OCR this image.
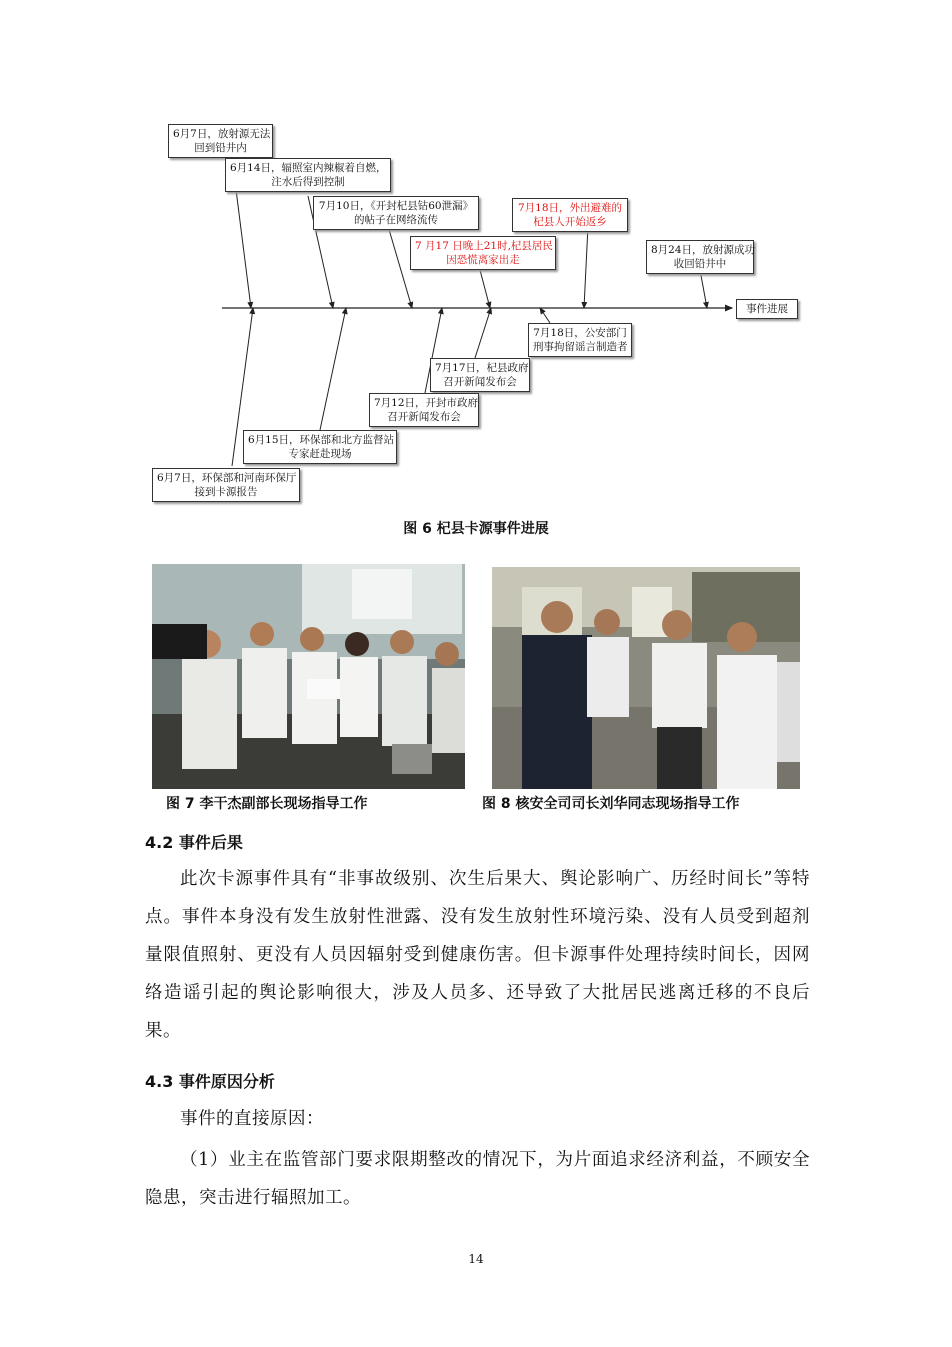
6月7日，放射源无法
回到铅井内
6月14日，辐照室内辣椒着自燃，
注水后得到控制
7月10日，《开封杞县钴60泄漏》
的帖子在网络流传
7 月17 日晚上21时,杞县居民
因恐慌离家出走
7月18日，外出避难的
杞县人开始返乡
8月24日，放射源成功
收回铅井中
事件进展
7月18日，公安部门
刑事拘留谣言制造者
7月17日，杞县政府
召开新闻发布会
7月12日，开封市政府
召开新闻发布会
6月15日，环保部和北方监督站
专家赶赴现场
6月7日，环保部和河南环保厅
接到卡源报告
图 6 杞县卡源事件进展
图 7 李干杰副部长现场指导工作	图 8 核安全司司长刘华同志现场指导工作
4.2 事件后果
此次卡源事件具有“非事故级别、次生后果大、舆论影响广、历经时间长”等特点。事件本身没有发生放射性泄露、没有发生放射性环境污染、没有人员受到超剂量限值照射、更没有人员因辐射受到健康伤害。但卡源事件处理持续时间长，因网络造谣引起的舆论影响很大，涉及人员多、还导致了大批居民逃离迁移的不良后果。
4.3 事件原因分析
事件的直接原因：
（1）业主在监管部门要求限期整改的情况下，为片面追求经济利益，不顾安全隐患，突击进行辐照加工。
14
